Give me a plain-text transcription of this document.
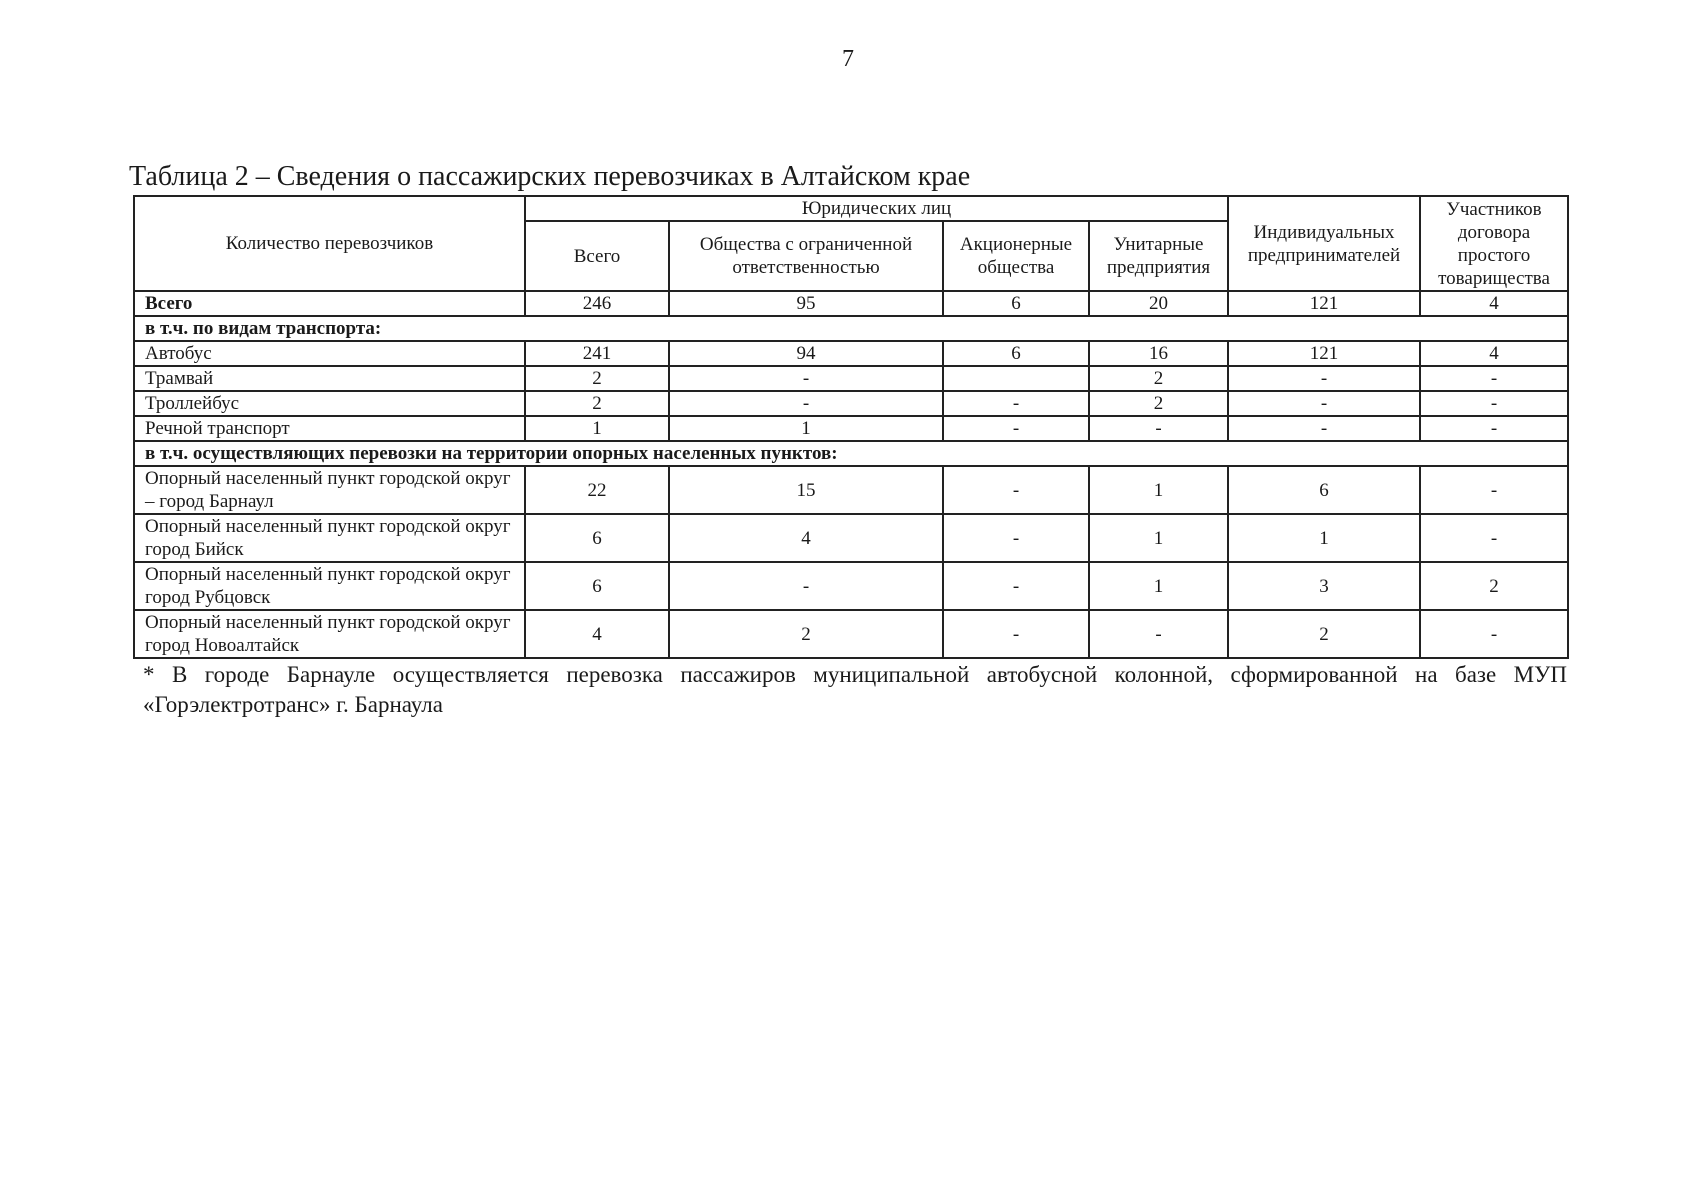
7
Таблица 2 – Сведения о пассажирских перевозчиках в Алтайском крае
Количество перевозчиков	Юридических лиц				Индивидуальных предпринимателей	Участников договора простого товарищества
	Всего	Общества с ограниченной ответственностью	Акционерные общества	Унитарные предприятия		
Всего	246	95	6	20	121	4
в т.ч. по видам транспорта:						
Автобус	241	94	6	16	121	4
Трамвай	2	-		2	-	-
Троллейбус	2	-	-	2	-	-
Речной транспорт	1	1	-	-	-	-
в т.ч. осуществляющих перевозки на территории опорных населенных пунктов:						
Опорный населенный пункт городской округ – город Барнаул	22	15	-	1	6	-
Опорный населенный пункт городской округ город Бийск	6	4	-	1	1	-
Опорный населенный пункт городской округ город Рубцовск	6	-	-	1	3	2
Опорный населенный пункт городской округ город Новоалтайск	4	2	-	-	2	-
* В городе Барнауле осуществляется перевозка пассажиров муниципальной автобусной колонной, сформированной на базе МУП «Горэлектротранс» г. Барнаула
